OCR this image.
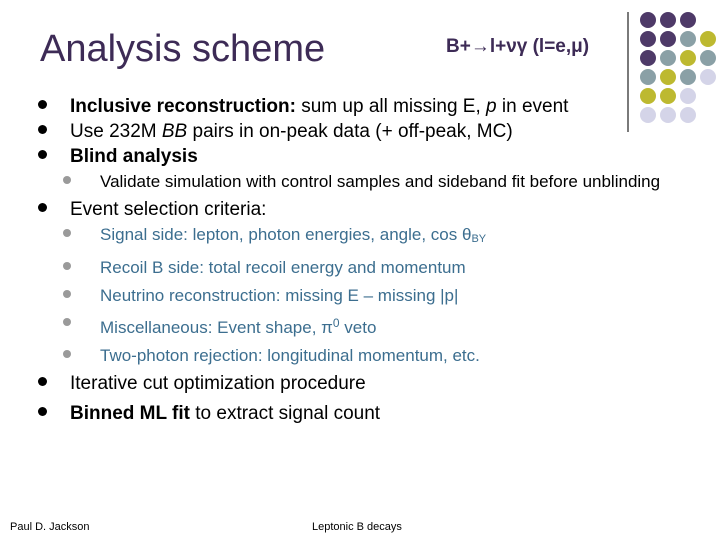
Analysis scheme	B+→l+νγ (l=e,μ)
Inclusive reconstruction: sum up all missing E, p in event
Use 232M BB pairs in on-peak data (+ off-peak, MC)
Blind analysis
Validate simulation with control samples and sideband fit before unblinding
Event selection criteria:
Signal side: lepton, photon energies, angle, $\cos \theta_{BY}$
Recoil B side: total recoil energy and momentum
Neutrino reconstruction: missing E – missing |p|
Miscellaneous: Event shape, $\pi^0$ veto
Two-photon rejection: longitudinal momentum, etc.
Iterative cut optimization procedure
Binned ML fit to extract signal count
Paul D. Jackson	Leptonic B decays
